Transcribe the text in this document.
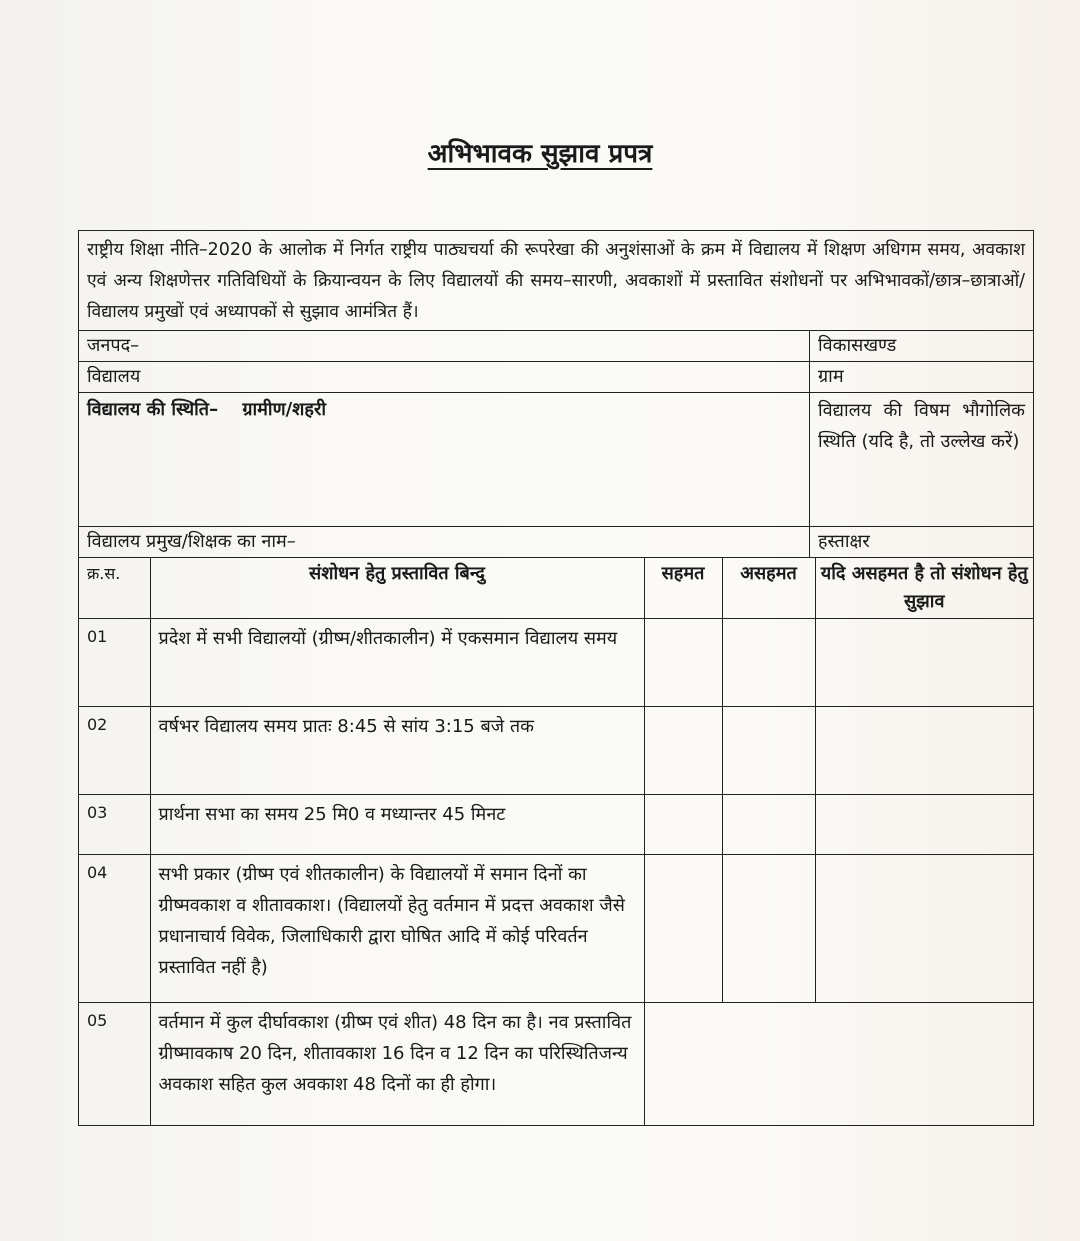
अभिभावक सुझाव प्रपत्र
राष्ट्रीय शिक्षा नीति–2020 के आलोक में निर्गत राष्ट्रीय पाठ्यचर्या की रूपरेखा की अनुशंसाओं के क्रम में विद्यालय में शिक्षण अधिगम समय, अवकाश एवं अन्य शिक्षणेत्तर गतिविधियों के क्रियान्वयन के लिए विद्यालयों की समय–सारणी, अवकाशों में प्रस्तावित संशोधनों पर अभिभावकों/छात्र–छात्राओं/विद्यालय प्रमुखों एवं अध्यापकों से सुझाव आमंत्रित हैं।
जनपद–	विकासखण्ड
विद्यालय	ग्राम
विद्यालय की स्थिति– ग्रामीण/शहरी	विद्यालय की विषम भौगोलिक स्थिति (यदि है, तो उल्लेख करें)
विद्यालय प्रमुख/शिक्षक का नाम–	हस्ताक्षर
क्र.स.	संशोधन हेतु प्रस्तावित बिन्दु	सहमत	असहमत	यदि असहमत है तो संशोधन हेतु सुझाव
01	प्रदेश में सभी विद्यालयों (ग्रीष्म/शीतकालीन) में एकसमान विद्यालय समय			
02	वर्षभर विद्यालय समय प्रातः 8:45 से सांय 3:15 बजे तक			
03	प्रार्थना सभा का समय 25 मि0 व मध्यान्तर 45 मिनट			
04	सभी प्रकार (ग्रीष्म एवं शीतकालीन) के विद्यालयों में समान दिनों का ग्रीष्मवकाश व शीतावकाश। (विद्यालयों हेतु वर्तमान में प्रदत्त अवकाश जैसे प्रधानाचार्य विवेक, जिलाधिकारी द्वारा घोषित आदि में कोई परिवर्तन प्रस्तावित नहीं है)			
05	वर्तमान में कुल दीर्घावकाश (ग्रीष्म एवं शीत) 48 दिन का है। नव प्रस्तावित ग्रीष्मावकाष 20 दिन, शीतावकाश 16 दिन व 12 दिन का परिस्थितिजन्य अवकाश सहित कुल अवकाश 48 दिनों का ही होगा।			
